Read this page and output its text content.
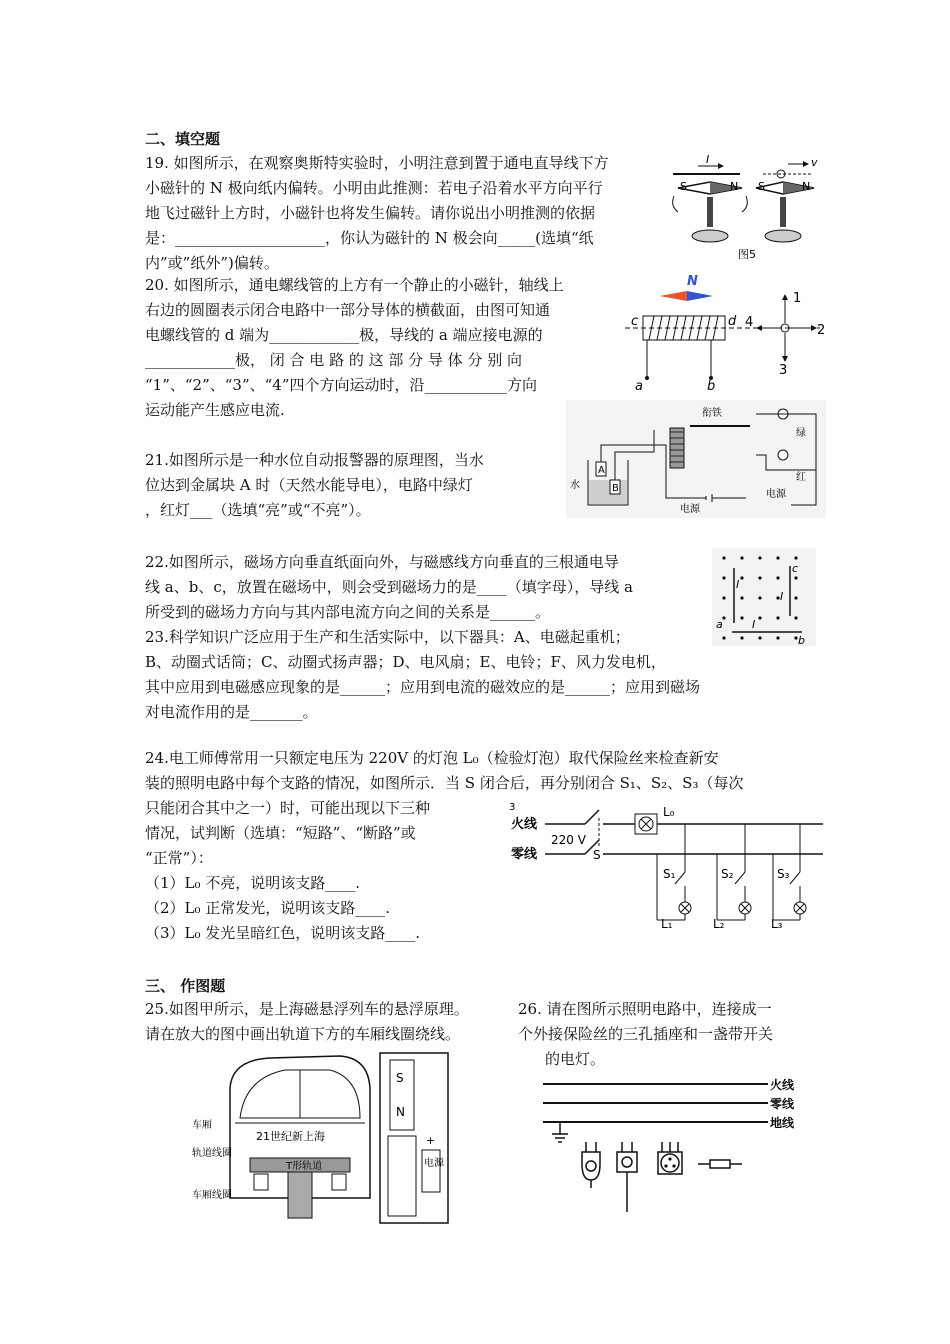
二、填空题
19. 如图所示，在观察奥斯特实验时，小明注意到置于通电直导线下方
小磁针的 N 极向纸内偏转。小明由此推测：若电子沿着水平方向平行
地飞过磁针上方时，小磁针也将发生偏转。请你说出小明推测的依据
是：____________________，你认为磁针的 N 极会向_____(选填“纸
内”或”纸外”)偏转。
I
S	N
v
S	N
图5
20. 如图所示，通电螺线管的上方有一个静止的小磁针，轴线上
右边的圆圈表示闭合电路中一部分导体的横截面，由图可知通
电螺线管的 d 端为____________极，导线的 a 端应接电源的
____________极， 闭 合 电 路 的 这 部 分 导 体 分 别 向
“1”、“2”、“3”、“4”四个方向运动时，沿___________方向
运动能产生感应电流.
N
c	d
a	b
1
2
3
4
21.如图所示是一种水位自动报警器的原理图，当水
位达到金属块 A 时（天然水能导电），电路中绿灯
，红灯___（选填“亮”或“不亮”）。
A
B
水
衔铁
绿
红
电源
电源
22.如图所示，磁场方向垂直纸面向外，与磁感线方向垂直的三根通电导
线 a、b、c，放置在磁场中，则会受到磁场力的是____（填字母），导线 a
所受到的磁场力方向与其内部电流方向之间的关系是______。
a
I
c
I
b
I
23.科学知识广泛应用于生产和生活实际中，以下器具：A、电磁起重机；
B、动圈式话筒；C、动圈式扬声器；D、电风扇；E、电铃；F、风力发电机，
其中应用到电磁感应现象的是______；应用到电流的磁效应的是______；应用到磁场
对电流作用的是_______。
24.电工师傅常用一只额定电压为 220V 的灯泡 L₀（检验灯泡）取代保险丝来检查新安
装的照明电路中每个支路的情况，如图所示．当 S 闭合后，再分别闭合 S₁、S₂、S₃（每次
只能闭合其中之一）时，可能出现以下三种
情况，试判断（选填：“短路”、“断路”或
“正常”）：
（1）L₀ 不亮，说明该支路____.
（2）L₀ 正常发光，说明该支路____.
（3）L₀ 发光呈暗红色，说明该支路____.
3
火线
零线
220 V
S
L₀
S₁	S₂	S₃
L₁	L₂	L₃
三、 作图题
25.如图甲所示，是上海磁悬浮列车的悬浮原理。
请在放大的图中画出轨道下方的车厢线圈绕线。
车厢
轨道线圈
车厢线圈
21世纪新上海
T形轨道
S
N
+
电源
26. 请在图所示照明电路中，连接成一
个外接保险丝的三孔插座和一盏带开关
的电灯。
火线
零线
地线
